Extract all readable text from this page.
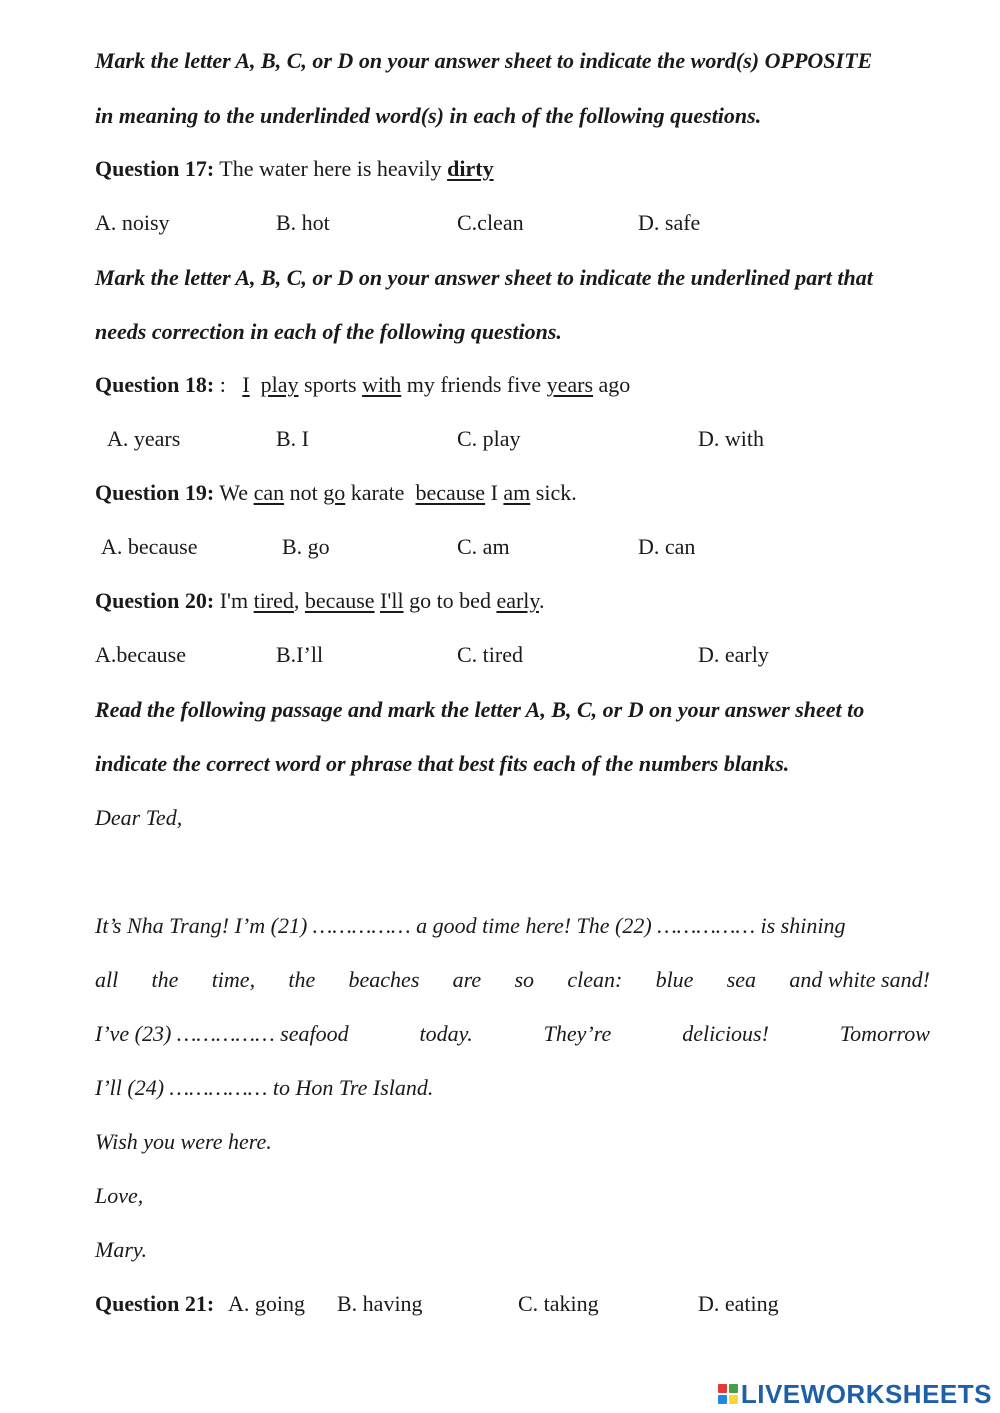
Mark the letter A, B, C, or D on your answer sheet to indicate the word(s) OPPOSITE
in meaning to the underlinded word(s) in each of the following questions.
Question 17: The water here is heavily dirty
A. noisy	B. hot	C.clean	D. safe
Mark the letter A, B, C, or D on your answer sheet to indicate the underlined part that
needs correction in each of the following questions.
Question 18: :   I play sports with my friends five years ago
A. years	B. I	C. play	D. with
Question 19: We can not go karate  because I am sick.
A. because	B. go	C. am	D. can
Question 20: I'm tired, because I'll go to bed early.
A.because	B.I’ll	C. tired	D. early
Read the following passage and mark the letter A, B, C, or D on your answer sheet to
indicate the correct word or phrase that best fits each of the numbers blanks.
Dear Ted,
It’s Nha Trang! I’m (21) …………… a good time here! The (22) …………… is shining
all the time, the beaches are so clean: blue sea and white sand!
I’ve (23) …………… seafood	today.	They’re	delicious!	Tomorrow
I’ll (24) …………… to Hon Tre Island.
Wish you were here.
Love,
Mary.
Question 21: A. going B. having	C. taking	D. eating
LIVEWORKSHEETS
